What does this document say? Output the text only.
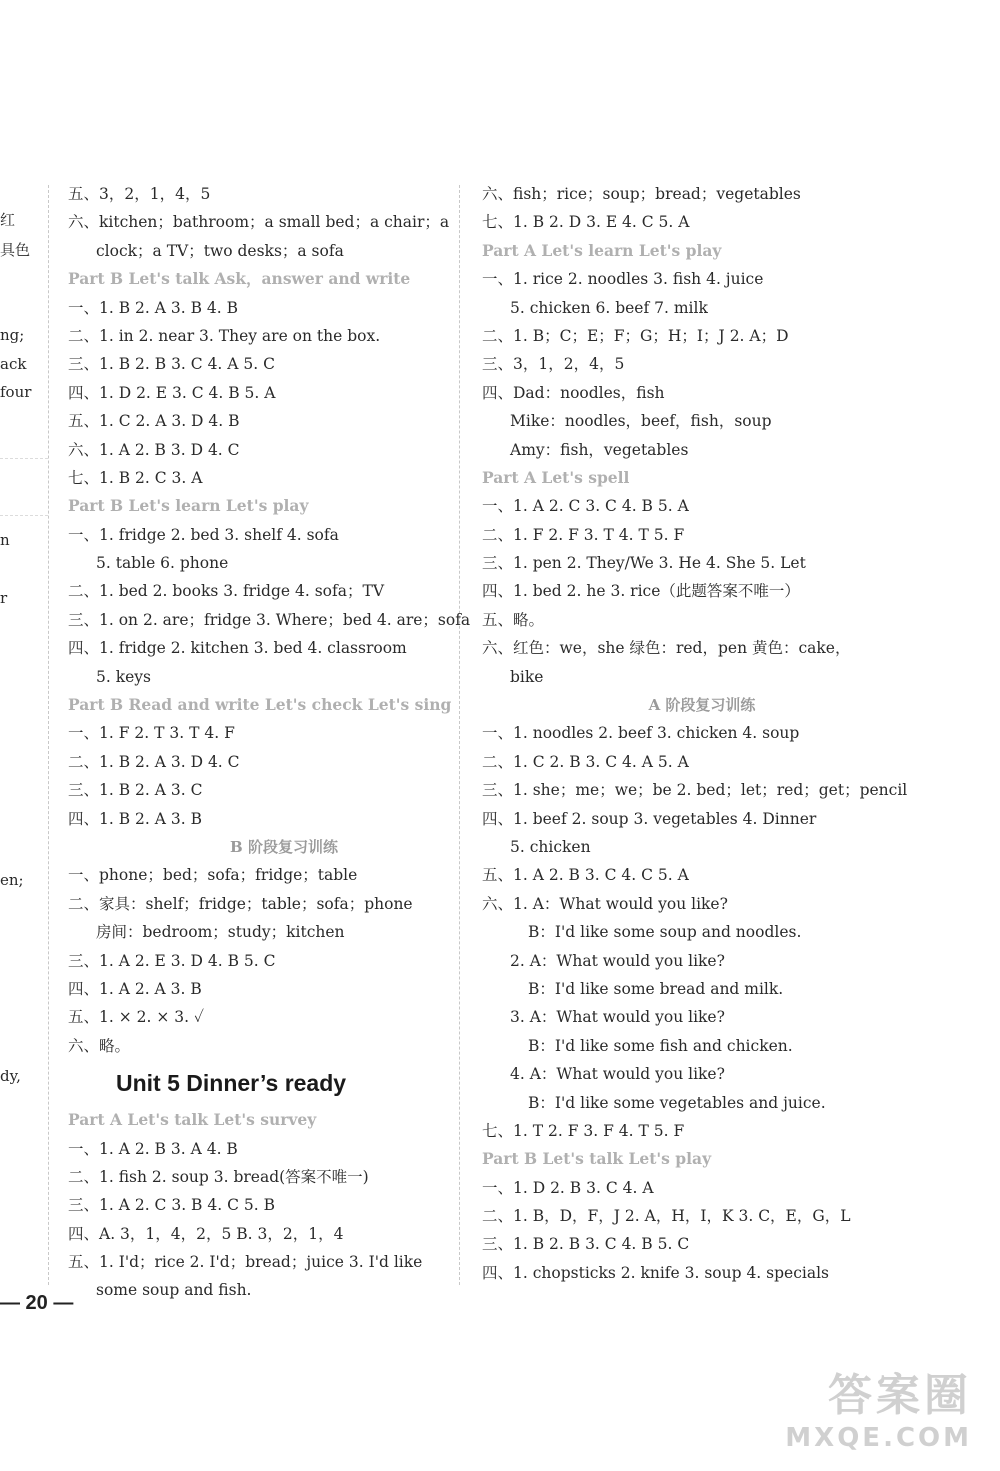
红
具色
ng;
ack
four
n
r
en;
dy,
五、3，2，1，4，5
六、kitchen；bathroom；a small bed；a chair；a
clock；a TV；two desks；a sofa
Part B Let's talk Ask，answer and write
一、1. B 2. A 3. B 4. B
二、1. in 2. near 3. They are on the box.
三、1. B 2. B 3. C 4. A 5. C
四、1. D 2. E 3. C 4. B 5. A
五、1. C 2. A 3. D 4. B
六、1. A 2. B 3. D 4. C
七、1. B 2. C 3. A
Part B Let's learn Let's play
一、1. fridge 2. bed 3. shelf 4. sofa
5. table 6. phone
二、1. bed 2. books 3. fridge 4. sofa；TV
三、1. on 2. are；fridge 3. Where；bed 4. are；sofa
四、1. fridge 2. kitchen 3. bed 4. classroom
5. keys
Part B Read and write Let's check Let's sing
一、1. F 2. T 3. T 4. F
二、1. B 2. A 3. D 4. C
三、1. B 2. A 3. C
四、1. B 2. A 3. B
B 阶段复习训练
一、phone；bed；sofa；fridge；table
二、家具：shelf；fridge；table；sofa；phone
房间：bedroom；study；kitchen
三、1. A 2. E 3. D 4. B 5. C
四、1. A 2. A 3. B
五、1. × 2. × 3. ✓
六、略。
Unit 5 Dinner’s ready
Part A Let's talk Let's survey
一、1. A 2. B 3. A 4. B
二、1. fish 2. soup 3. bread(答案不唯一)
三、1. A 2. C 3. B 4. C 5. B
四、A. 3，1，4，2，5 B. 3，2，1，4
五、1. I'd；rice 2. I'd；bread；juice 3. I'd like
some soup and fish.
六、fish；rice；soup；bread；vegetables
七、1. B 2. D 3. E 4. C 5. A
Part A Let's learn Let's play
一、1. rice 2. noodles 3. fish 4. juice
5. chicken 6. beef 7. milk
二、1. B；C；E；F；G；H；I；J 2. A；D
三、3，1，2，4，5
四、Dad：noodles，fish
Mike：noodles，beef，fish，soup
Amy：fish，vegetables
Part A Let's spell
一、1. A 2. C 3. C 4. B 5. A
二、1. F 2. F 3. T 4. T 5. F
三、1. pen 2. They/We 3. He 4. She 5. Let
四、1. bed 2. he 3. rice（此题答案不唯一）
五、略。
六、红色：we，she 绿色：red，pen 黄色：cake，
bike
A 阶段复习训练
一、1. noodles 2. beef 3. chicken 4. soup
二、1. C 2. B 3. C 4. A 5. A
三、1. she；me；we；be 2. bed；let；red；get；pencil
四、1. beef 2. soup 3. vegetables 4. Dinner
5. chicken
五、1. A 2. B 3. C 4. C 5. A
六、1. A：What would you like?
B：I'd like some soup and noodles.
2. A：What would you like?
B：I'd like some bread and milk.
3. A：What would you like?
B：I'd like some fish and chicken.
4. A：What would you like?
B：I'd like some vegetables and juice.
七、1. T 2. F 3. F 4. T 5. F
Part B Let's talk Let's play
一、1. D 2. B 3. C 4. A
二、1. B，D，F，J 2. A，H，I，K 3. C，E，G，L
三、1. B 2. B 3. C 4. B 5. C
四、1. chopsticks 2. knife 3. soup 4. specials
— 20 —
答案圈
MXQE.COM
